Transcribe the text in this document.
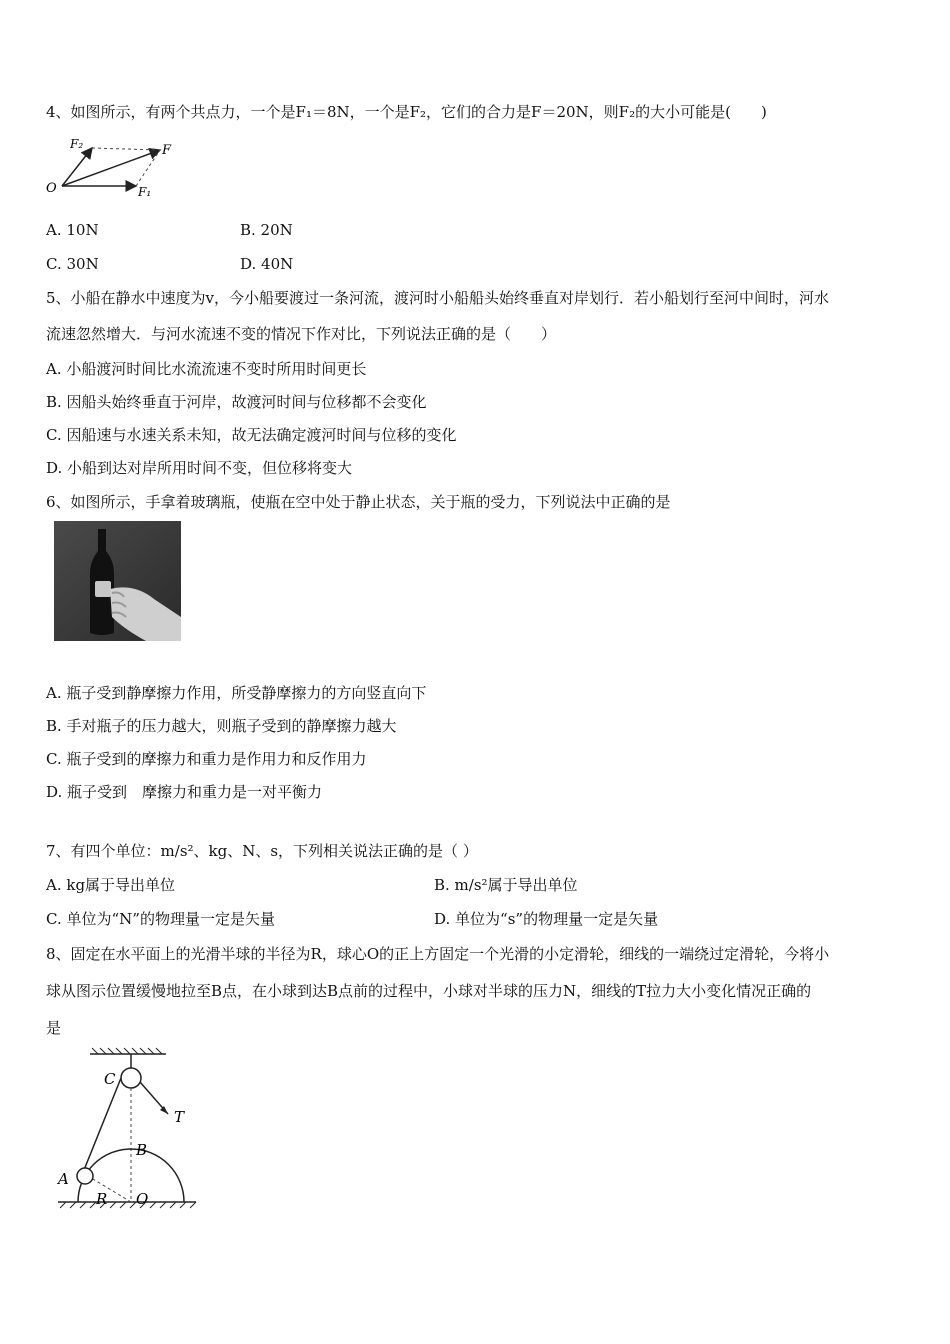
4、如图所示，有两个共点力，一个是F₁＝8N，一个是F₂，它们的合力是F＝20N，则F₂的大小可能是(　　)
O
F₂	F
F₁
A. 10N	B. 20N
C. 30N	D. 40N
5、小船在静水中速度为v，今小船要渡过一条河流，渡河时小船船头始终垂直对岸划行．若小船划行至河中间时，河水
流速忽然增大．与河水流速不变的情况下作对比，下列说法正确的是（　　）
A. 小船渡河时间比水流流速不变时所用时间更长
B. 因船头始终垂直于河岸，故渡河时间与位移都不会变化
C. 因船速与水速关系未知，故无法确定渡河时间与位移的变化
D. 小船到达对岸所用时间不变，但位移将变大
6、如图所示，手拿着玻璃瓶，使瓶在空中处于静止状态，关于瓶的受力，下列说法中正确的是
A. 瓶子受到静摩擦力作用，所受静摩擦力的方向竖直向下
B. 手对瓶子的压力越大，则瓶子受到的静摩擦力越大
C. 瓶子受到的摩擦力和重力是作用力和反作用力
D. 瓶子受到　摩擦力和重力是一对平衡力
7、有四个单位：m/s²、kg、N、s，下列相关说法正确的是（ ）
A. kg属于导出单位	B. m/s²属于导出单位
C. 单位为“N”的物理量一定是矢量	D. 单位为“s”的物理量一定是矢量
8、固定在水平面上的光滑半球的半径为R，球心O的正上方固定一个光滑的小定滑轮，细线的一端绕过定滑轮，今将小
球从图示位置缓慢地拉至B点，在小球到达B点前的过程中，小球对半球的压力N，细线的T拉力大小变化情况正确的
是
C
T
B
A
R O
